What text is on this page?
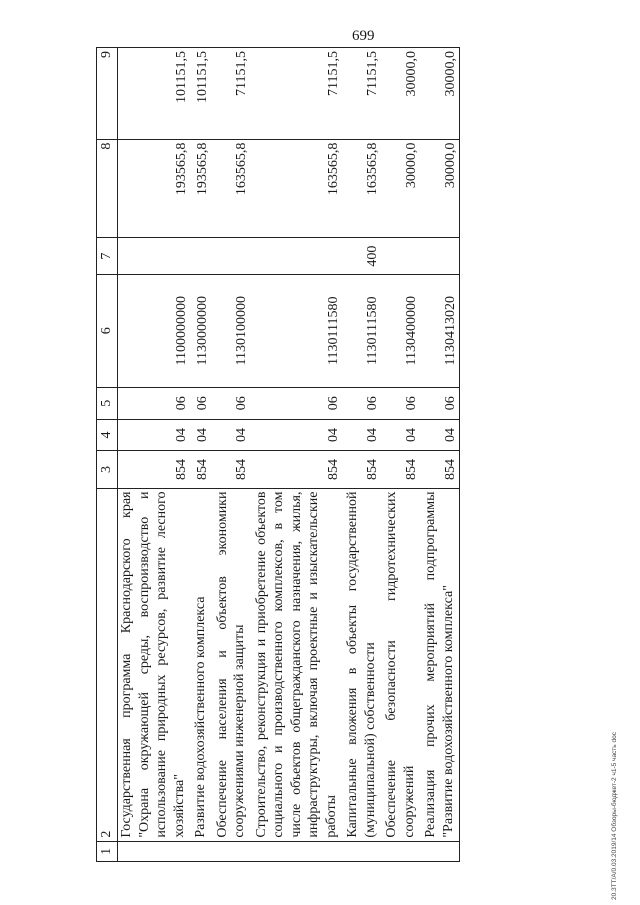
699
20.3ТТ/А/0.03.2019/14 Обзоры-бюджет-2 ч1-5 часть doc
1	2	3	4	5	6	7	8	9
	Государственная программа Краснодарского края "Охрана окружающей среды, воспроизводство и использование природных ресурсов, развитие лесного хозяйства"	854	04	06	1100000000		193565,8	101151,5
	Развитие водохозяйственного комплекса	854	04	06	1130000000		193565,8	101151,5
	Обеспечение населения и объектов экономики сооружениями инженерной защиты	854	04	06	1130100000		163565,8	71151,5
	Строительство, реконструкция и приобретение объектов социального и производственного комплексов, в том числе объектов общегражданского назначения, жилья, инфраструктуры, включая проектные и изыскательские работы	854	04	06	1130111580		163565,8	71151,5
	Капитальные вложения в объекты государственной (муниципальной) собственности	854	04	06	1130111580	400	163565,8	71151,5
	Обеспечение безопасности гидротехнических сооружений	854	04	06	1130400000		30000,0	30000,0
	Реализация прочих мероприятий подпрограммы "Развитие водохозяйственного комплекса"	854	04	06	1130413020		30000,0	30000,0
